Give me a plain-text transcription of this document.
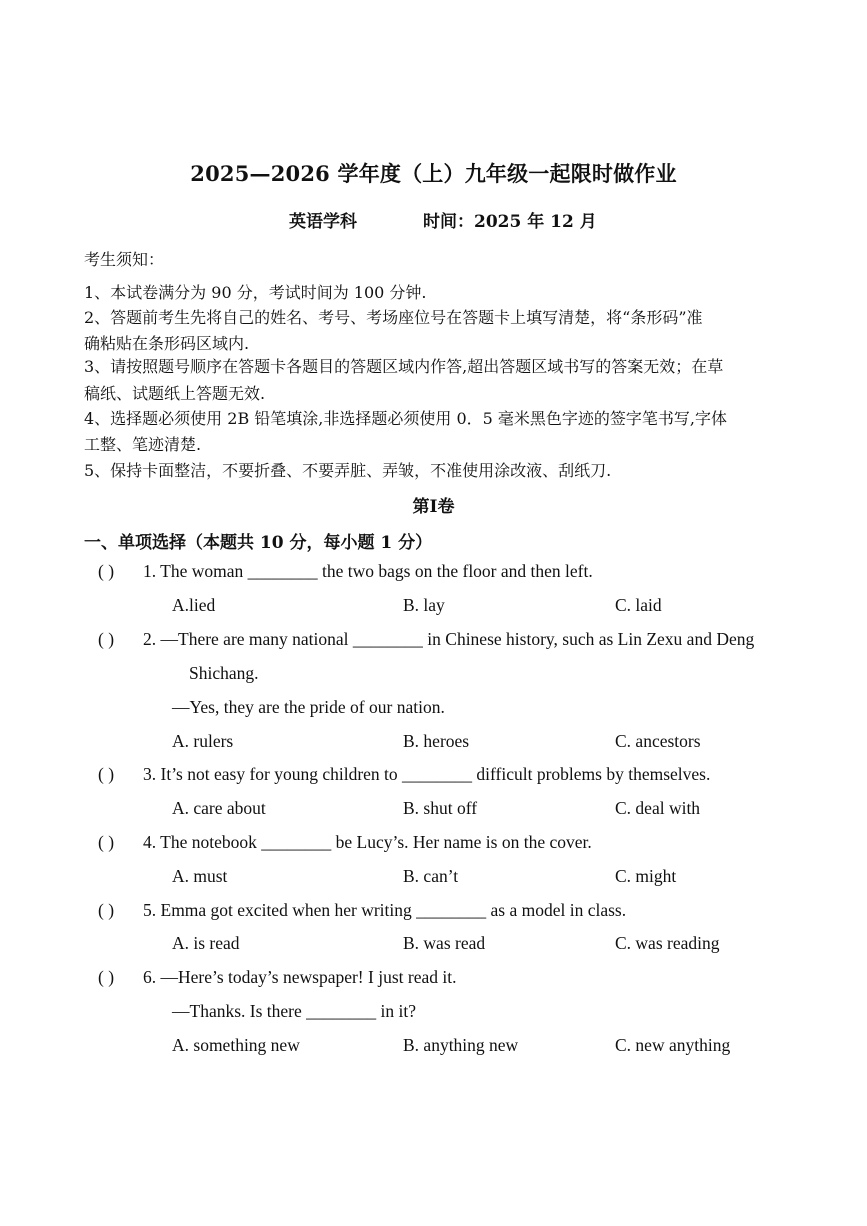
2025—2026 学年度（上）九年级一起限时做作业
英语学科	时间：2025 年 12 月
考生须知：
1、本试卷满分为 90 分，考试时间为 100 分钟.
2、答题前考生先将自己的姓名、考号、考场座位号在答题卡上填写清楚，将“条形码”准
确粘贴在条形码区域内.
3、请按照题号顺序在答题卡各题目的答题区域内作答,超出答题区域书写的答案无效；在草
稿纸、试题纸上答题无效.
4、选择题必须使用 2B 铅笔填涂,非选择题必须使用 0．5 毫米黑色字迹的签字笔书写,字体
工整、笔迹清楚.
5、保持卡面整洁，不要折叠、不要弄脏、弄皱，不准使用涂改液、刮纸刀.
第Ⅰ卷
一、单项选择（本题共 10 分，每小题 1 分）
( ) 1. The woman ________ the two bags on the floor and then left.
A.lied	B. lay	C. laid
( ) 2. —There are many national ________ in Chinese history, such as Lin Zexu and Deng
Shichang.
—Yes, they are the pride of our nation.
A. rulers	B. heroes	C. ancestors
( ) 3. It’s not easy for young children to ________ difficult problems by themselves.
A. care about	B. shut off	C. deal with
( ) 4. The notebook ________ be Lucy’s. Her name is on the cover.
A. must	B. can’t	C. might
( ) 5. Emma got excited when her writing ________ as a model in class.
A. is read	B. was read	C. was reading
( ) 6. —Here’s today’s newspaper! I just read it.
—Thanks. Is there ________ in it?
A. something new	B. anything new	C. new anything
